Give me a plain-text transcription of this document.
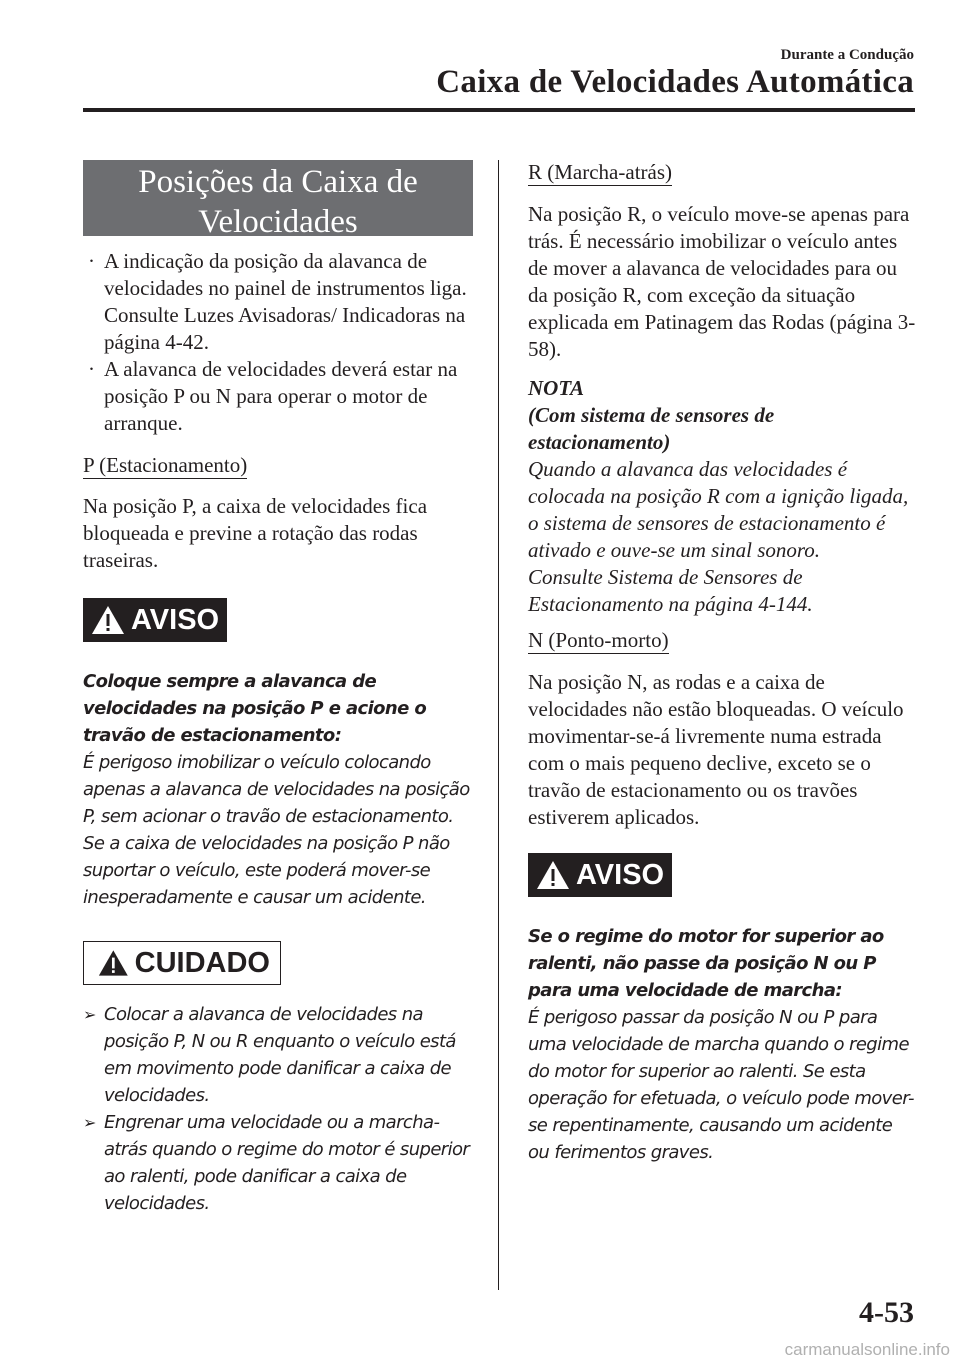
Durante a Condução
Caixa de Velocidades Automática
Posições da Caixa de
Velocidades
· A indicação da posição da alavanca de velocidades no painel de instrumentos liga. Consulte Luzes Avisadoras/ Indicadoras na página 4-42.
· A alavanca de velocidades deverá estar na posição P ou N para operar o motor de arranque.
P (Estacionamento)
Na posição P, a caixa de velocidades fica bloqueada e previne a rotação das rodas traseiras.
AVISO
Coloque sempre a alavanca de velocidades na posição P e acione o travão de estacionamento:
É perigoso imobilizar o veículo colocando apenas a alavanca de velocidades na posição P, sem acionar o travão de estacionamento. Se a caixa de velocidades na posição P não suportar o veículo, este poderá mover-se inesperadamente e causar um acidente.
CUIDADO
➢ Colocar a alavanca de velocidades na posição P, N ou R enquanto o veículo está em movimento pode danificar a caixa de velocidades.
➢ Engrenar uma velocidade ou a marcha-atrás quando o regime do motor é superior ao ralenti, pode danificar a caixa de velocidades.
R (Marcha-atrás)
Na posição R, o veículo move-se apenas para trás. É necessário imobilizar o veículo antes de mover a alavanca de velocidades para ou da posição R, com exceção da situação explicada em Patinagem das Rodas (página 3-58).
NOTA
(Com sistema de sensores de estacionamento)
Quando a alavanca das velocidades é colocada na posição R com a ignição ligada, o sistema de sensores de estacionamento é ativado e ouve-se um sinal sonoro.
Consulte Sistema de Sensores de Estacionamento na página 4-144.
N (Ponto-morto)
Na posição N, as rodas e a caixa de velocidades não estão bloqueadas. O veículo movimentar-se-á livremente numa estrada com o mais pequeno declive, exceto se o travão de estacionamento ou os travões estiverem aplicados.
AVISO
Se o regime do motor for superior ao ralenti, não passe da posição N ou P para uma velocidade de marcha:
É perigoso passar da posição N ou P para uma velocidade de marcha quando o regime do motor for superior ao ralenti. Se esta operação for efetuada, o veículo pode mover-se repentinamente, causando um acidente ou ferimentos graves.
4-53
carmanualsonline.info
